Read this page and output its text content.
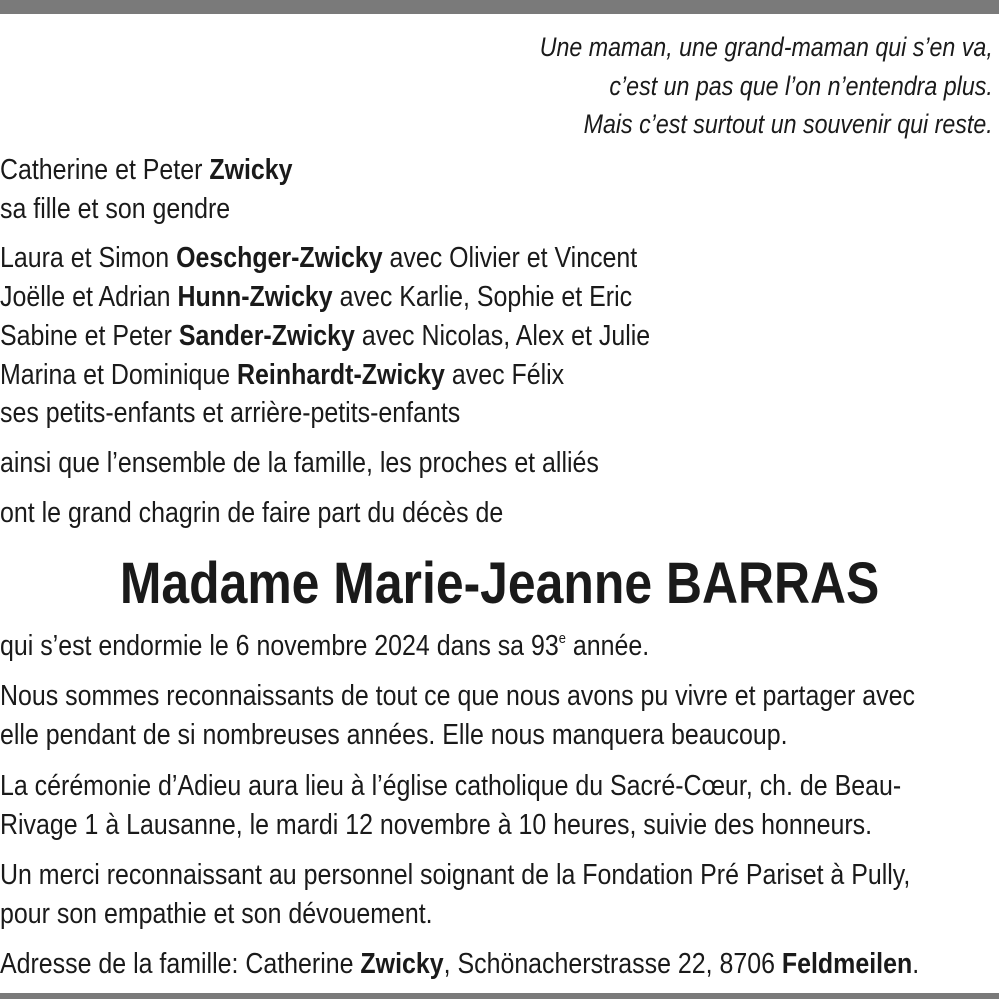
Une maman, une grand-maman qui s’en va,
c’est un pas que l’on n’entendra plus.
Mais c’est surtout un souvenir qui reste.
Catherine et Peter Zwicky
sa fille et son gendre
Laura et Simon Oeschger-Zwicky avec Olivier et Vincent
Joëlle et Adrian Hunn-Zwicky avec Karlie, Sophie et Eric
Sabine et Peter Sander-Zwicky avec Nicolas, Alex et Julie
Marina et Dominique Reinhardt-Zwicky avec Félix
ses petits-enfants et arrière-petits-enfants
ainsi que l’ensemble de la famille, les proches et alliés
ont le grand chagrin de faire part du décès de
Madame Marie-Jeanne BARRAS
qui s’est endormie le 6 novembre 2024 dans sa 93e année.
Nous sommes reconnaissants de tout ce que nous avons pu vivre et partager avec
elle pendant de si nombreuses années. Elle nous manquera beaucoup.
La cérémonie d’Adieu aura lieu à l’église catholique du Sacré-Cœur, ch. de Beau-
Rivage 1 à Lausanne, le mardi 12 novembre à 10 heures, suivie des honneurs.
Un merci reconnaissant au personnel soignant de la Fondation Pré Pariset à Pully,
pour son empathie et son dévouement.
Adresse de la famille: Catherine Zwicky, Schönacherstrasse 22, 8706 Feldmeilen.
